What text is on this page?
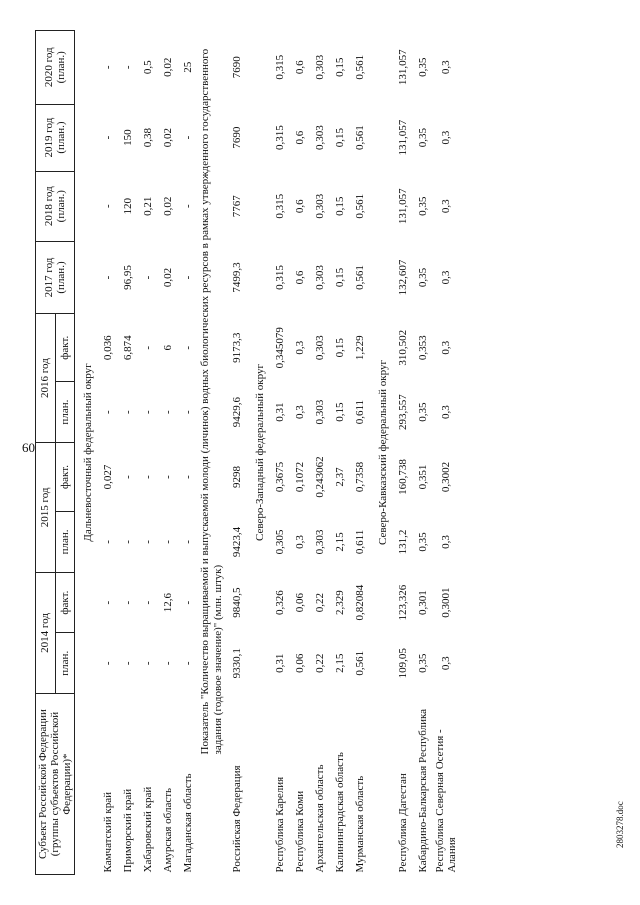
60
2803278.doc
Субъект Российской Федерации (группы субъектов Российской Федерации)*	2014 год		2015 год		2016 год		2017 год (план.)	2018 год (план.)	2019 год (план.)	2020 год (план.)
	план.	факт.	план.	факт.	план.	факт.				
Дальневосточный федеральный округ										
Камчатский край	-	-	-	0,027	-	0,036	-	-	-	-
Приморский край	-	-	-	-	-	6,874	96,95	120	150	-
Хабаровский край	-	-	-	-	-	-	-	0,21	0,38	0,5
Амурская область	-	12,6	-	-	-	6	0,02	0,02	0,02	0,02
Магаданская область	-	-	-	-	-	-	-	-	-	25
Показатель "Количество выращиваемой и выпускаемой молоди (личинок) водных биологических ресурсов в рамках утвержденного государственного задания (годовое значение)" (млн. штук)										
Российская Федерация	9330,1	9840,5	9423,4	9298	9429,6	9173,3	7499,3	7767	7690	7690
Северо-Западный федеральный округ										
Республика Карелия	0,31	0,326	0,305	0,3675	0,31	0,345079	0,315	0,315	0,315	0,315
Республика Коми	0,06	0,06	0,3	0,1072	0,3	0,3	0,6	0,6	0,6	0,6
Архангельская область	0,22	0,22	0,303	0,243062	0,303	0,303	0,303	0,303	0,303	0,303
Калининградская область	2,15	2,329	2,15	2,37	0,15	0,15	0,15	0,15	0,15	0,15
Мурманская область	0,561	0,82084	0,611	0,7358	0,611	1,229	0,561	0,561	0,561	0,561
Северо-Кавказский федеральный округ										
Республика Дагестан	109,05	123,326	131,2	160,738	293,557	310,502	132,607	131,057	131,057	131,057
Кабардино-Балкарская Республика	0,35	0,301	0,35	0,351	0,35	0,353	0,35	0,35	0,35	0,35
Республика Северная Осетия - Алания	0,3	0,3001	0,3	0,3002	0,3	0,3	0,3	0,3	0,3	0,3
